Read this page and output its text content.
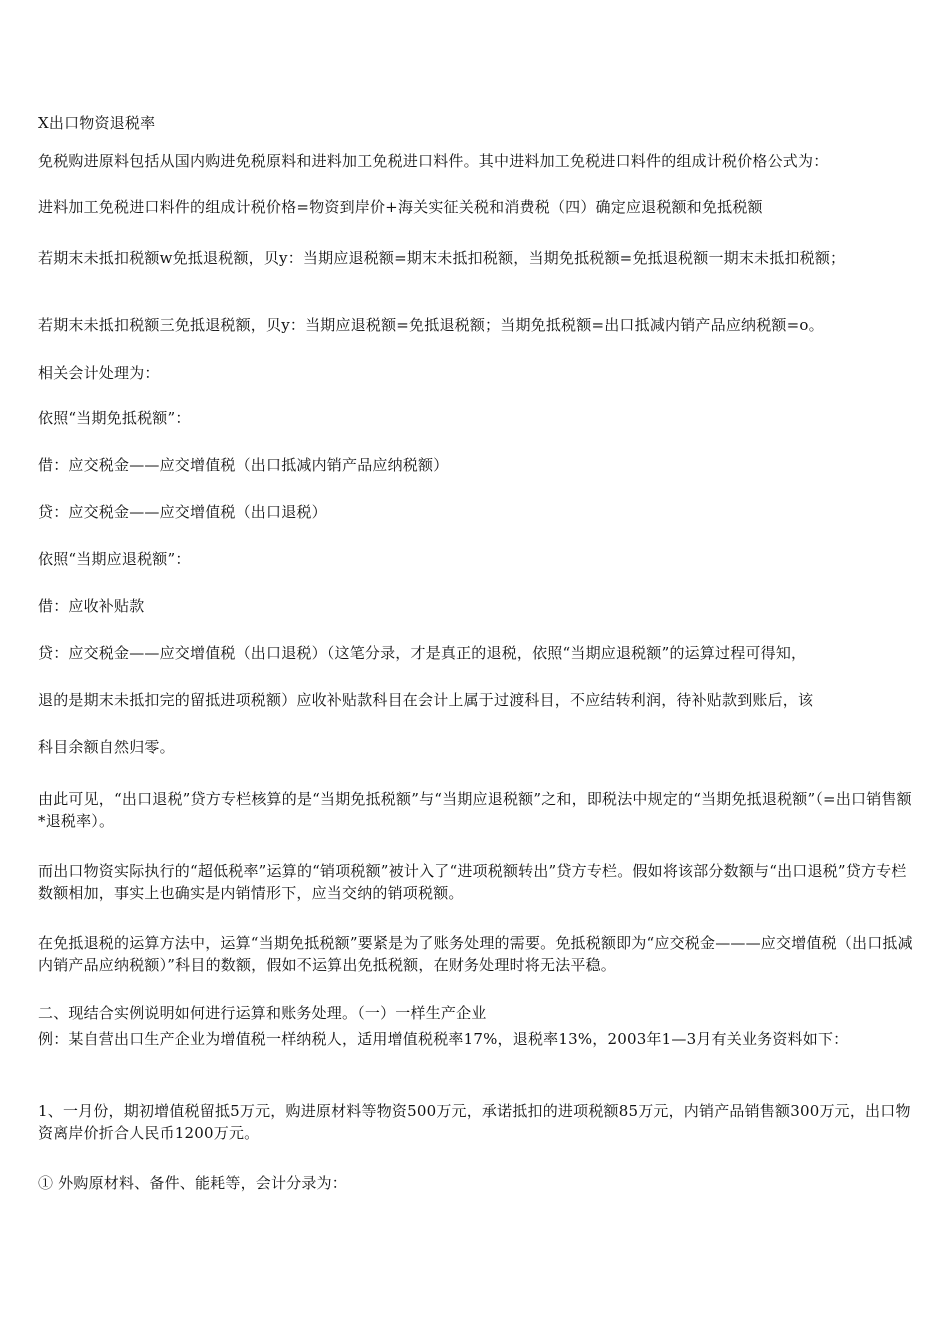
X出口物资退税率

免税购进原料包括从国内购进免税原料和进料加工免税进口料件。其中进料加工免税进口料件的组成计税价格公式为：

进料加工免税进口料件的组成计税价格=物资到岸价+海关实征关税和消费税（四）确定应退税额和免抵税额

若期末未抵扣税额w免抵退税额，贝y：当期应退税额=期末未抵扣税额，当期免抵税额=免抵退税额一期末未抵扣税额；

若期末未抵扣税额三免抵退税额，贝y：当期应退税额=免抵退税额；当期免抵税额=出口抵减内销产品应纳税额=o。

相关会计处理为：

依照“当期免抵税额”：

借：应交税金——应交增值税（出口抵减内销产品应纳税额）

贷：应交税金——应交增值税（出口退税）

依照“当期应退税额”：

借：应收补贴款

贷：应交税金——应交增值税（出口退税）（这笔分录，才是真正的退税，依照“当期应退税额”的运算过程可得知，

退的是期末未抵扣完的留抵进项税额）应收补贴款科目在会计上属于过渡科目，不应结转利润，待补贴款到账后，该

科目余额自然归零。

由此可见，“出口退税”贷方专栏核算的是“当期免抵税额”与“当期应退税额”之和，即税法中规定的“当期免抵退税额”（=出口销售额*退税率）。

而出口物资实际执行的“超低税率”运算的“销项税额”被计入了“进项税额转出”贷方专栏。假如将该部分数额与“出口退税”贷方专栏数额相加，事实上也确实是内销情形下，应当交纳的销项税额。

在免抵退税的运算方法中，运算“当期免抵税额”要紧是为了账务处理的需要。免抵税额即为“应交税金———应交增值税（出口抵减内销产品应纳税额）”科目的数额，假如不运算出免抵税额，在财务处理时将无法平稳。

二、现结合实例说明如何进行运算和账务处理。（一）一样生产企业

例：某自营出口生产企业为增值税一样纳税人，适用增值税税率17%，退税率13%，2003年1—3月有关业务资料如下：

1、一月份，期初增值税留抵5万元，购进原材料等物资500万元，承诺抵扣的进项税额85万元，内销产品销售额300万元，出口物资离岸价折合人民币1200万元。

① 外购原材料、备件、能耗等，会计分录为：
